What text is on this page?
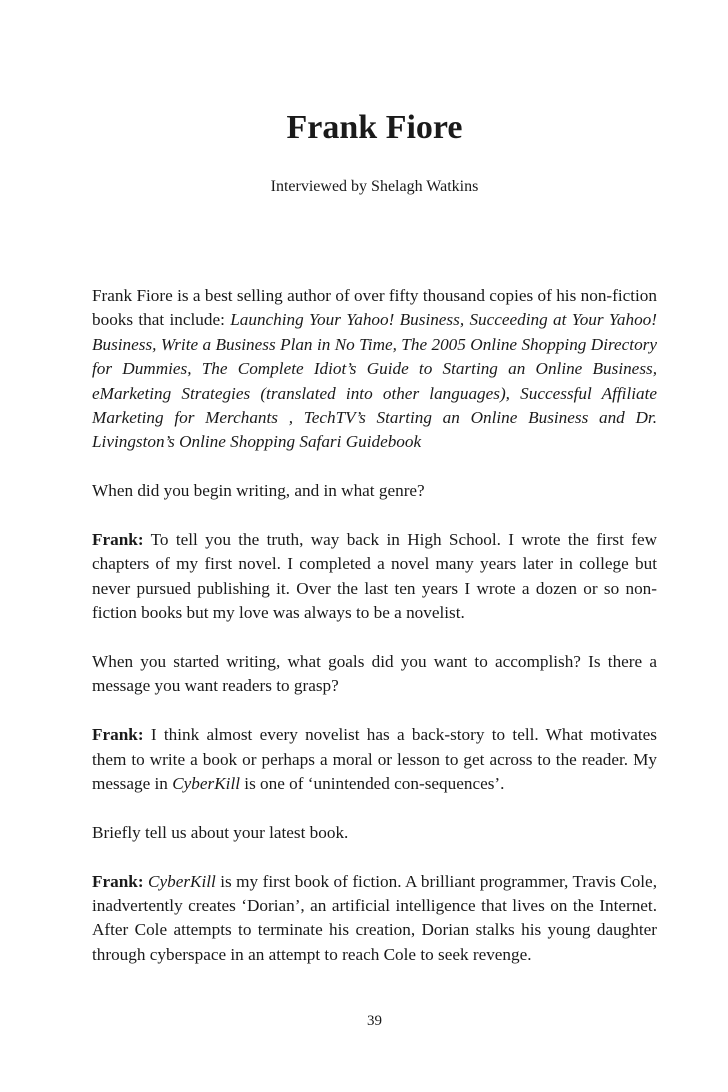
Frank Fiore

Interviewed by Shelagh Watkins

Frank Fiore is a best selling author of over fifty thousand copies of his non-fiction books that include: Launching Your Yahoo! Business, Succeeding at Your Yahoo! Business, Write a Business Plan in No Time, The 2005 Online Shopping Directory for Dummies, The Complete Idiot’s Guide to Starting an Online Business, eMarketing Strategies (translated into other languages), Successful Affiliate Marketing for Merchants , TechTV’s Starting an Online Business and Dr. Livingston’s Online Shopping Safari Guidebook

When did you begin writing, and in what genre?

Frank: To tell you the truth, way back in High School. I wrote the first few chapters of my first novel. I completed a novel many years later in college but never pursued publishing it. Over the last ten years I wrote a dozen or so non-fiction books but my love was always to be a novelist.

When you started writing, what goals did you want to accomplish? Is there a message you want readers to grasp?

Frank: I think almost every novelist has a back-story to tell. What motivates them to write a book or perhaps a moral or lesson to get across to the reader. My message in CyberKill is one of ‘unintended con-sequences’.

Briefly tell us about your latest book.

Frank: CyberKill is my first book of fiction. A brilliant programmer, Travis Cole, inadvertently creates ‘Dorian’, an artificial intelligence that lives on the Internet. After Cole attempts to terminate his creation, Dorian stalks his young daughter through cyberspace in an attempt to reach Cole to seek revenge.

39
